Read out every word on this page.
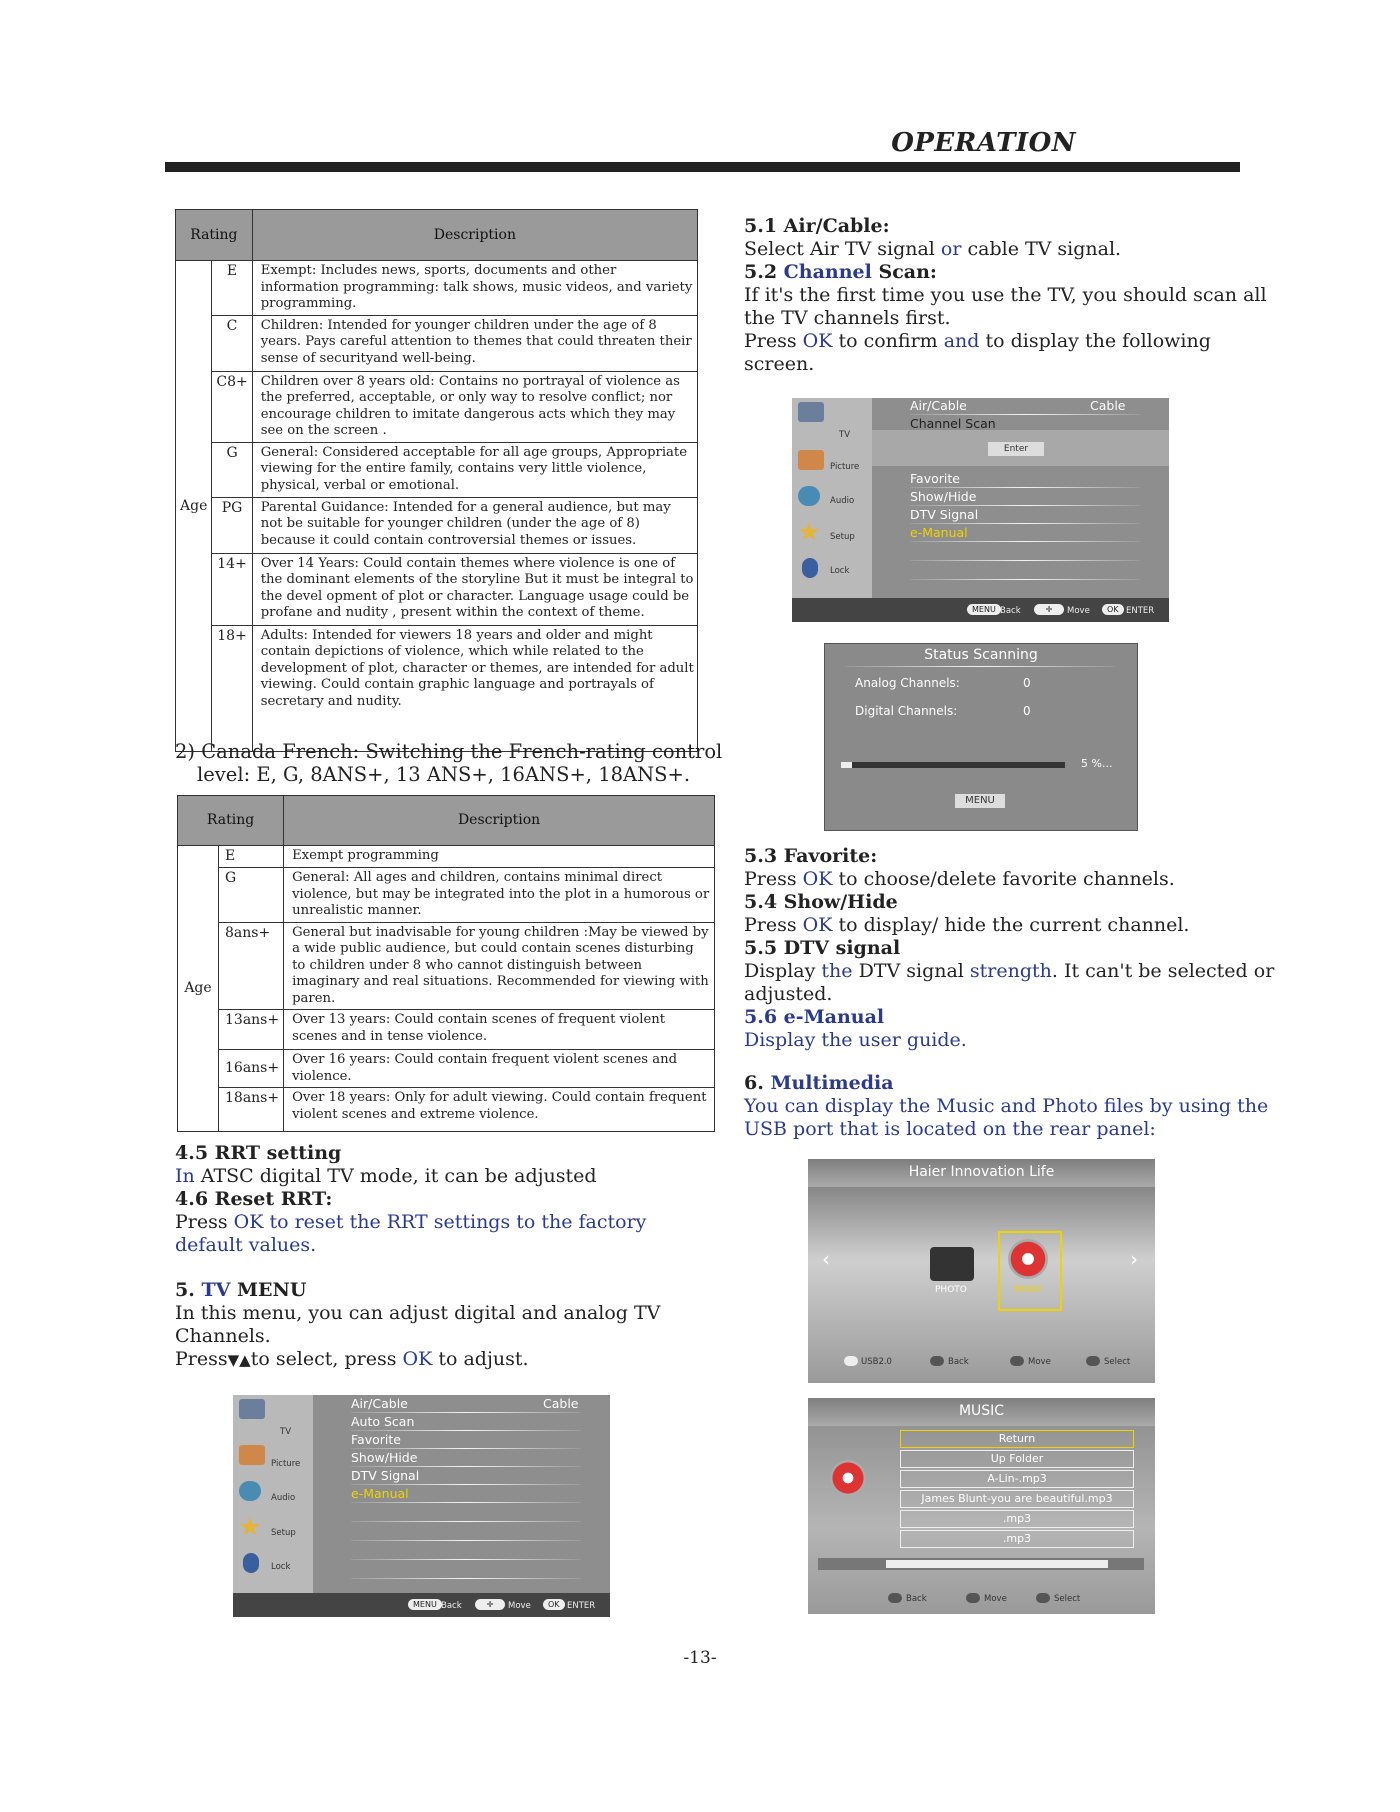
OPERATION
Rating		Description
Age	E	Exempt: Includes news, sports, documents and other information programming: talk shows, music videos, and variety programming.
	C	Children: Intended for younger children under the age of 8 years. Pays careful attention to themes that could threaten their sense of securityand well-being.
	C8+	Children over 8 years old: Contains no portrayal of violence as the preferred, acceptable, or only way to resolve conflict; nor encourage children to imitate dangerous acts which they may see on the screen .
	G	General: Considered acceptable for all age groups, Appropriate viewing for the entire family, contains very little violence, physical, verbal or emotional.
	PG	Parental Guidance: Intended for a general audience, but may not be suitable for younger children (under the age of 8) because it could contain controversial themes or issues.
	14+	Over 14 Years: Could contain themes where violence is one of the dominant elements of the storyline But it must be integral to the devel opment of plot or character. Language usage could be profane and nudity , present within the context of theme.
	18+	Adults: Intended for viewers 18 years and older and might contain depictions of violence, which while related to the development of plot, character or themes, are intended for adult viewing. Could contain graphic language and portrayals of secretary and nudity.
2) Canada French: Switching the French-rating control
level: E, G, 8ANS+, 13 ANS+, 16ANS+, 18ANS+.
Rating		Description
Age	E	Exempt programming
	G	General: All ages and children, contains minimal direct violence, but may be integrated into the plot in a humorous or unrealistic manner.
	8ans+	General but inadvisable for young children :May be viewed by a wide public audience, but could contain scenes disturbing to children under 8 who cannot distinguish between imaginary and real situations. Recommended for viewing with paren.
	13ans+	Over 13 years: Could contain scenes of frequent violent scenes and in tense violence.
	16ans+	Over 16 years: Could contain frequent violent scenes and violence.
	18ans+	Over 18 years: Only for adult viewing. Could contain frequent violent scenes and extreme violence.
4.5 RRT setting
In ATSC digital TV mode, it can be adjusted
4.6 Reset RRT:
Press OK to reset the RRT settings to the factory
default values.
5. TV MENU
In this menu, you can adjust digital and analog TV
Channels.
Press▼▲to select, press OK to adjust.
TV
Picture
Audio
Setup
Lock
Air/Cable	Cable
Auto Scan
Favorite
Show/Hide
DTV Signal
e-Manual
MENU Back	✛	Move	OK ENTER
5.1 Air/Cable:
Select Air TV signal or cable TV signal.
5.2 Channel Scan:
If it's the first time you use the TV, you should scan all
the TV channels first.
Press OK to confirm and to display the following
screen.
TV
Picture
Audio
Setup
Lock
Air/Cable	Cable
Channel Scan
Enter
Favorite
Show/Hide
DTV Signal
e-Manual
MENU Back	✛	Move	OK ENTER
Status Scanning
Analog Channels:	0
Digital Channels:	0
5 %...
MENU
5.3 Favorite:
Press OK to choose/delete favorite channels.
5.4 Show/Hide
Press OK to display/ hide the current channel.
5.5 DTV signal
Display the DTV signal strength. It can't be selected or
adjusted.
5.6 e-Manual
Display the user guide.
6. Multimedia
You can display the Music and Photo files by using the
USB port that is located on the rear panel:
Haier Innovation Life
‹	›
PHOTO	MUSIC
USB2.0	Back	Move	Select
MUSIC
Return
Up Folder
A-Lin-.mp3
James Blunt-you are beautiful.mp3
.mp3
.mp3
Back	Move	Select
-13-
